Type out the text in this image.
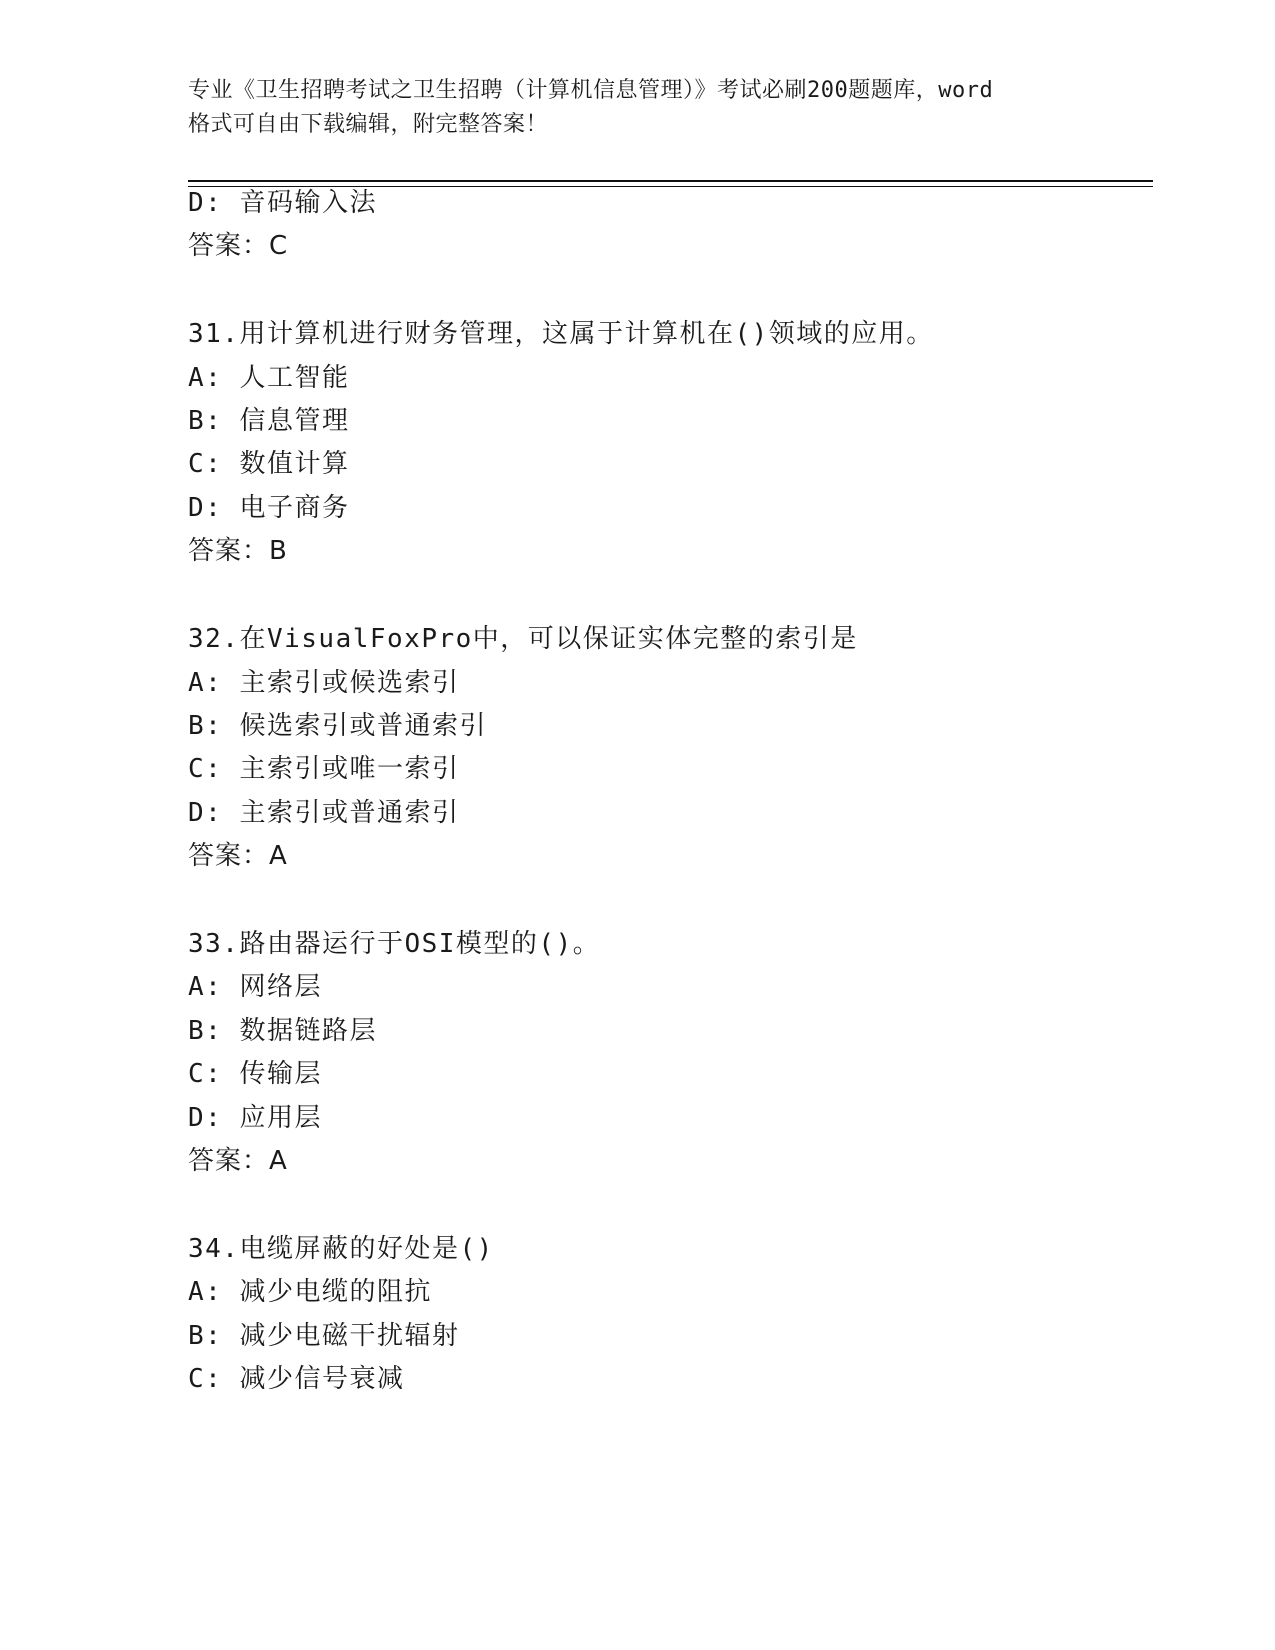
专业《卫生招聘考试之卫生招聘（计算机信息管理）》考试必刷200题题库，word
格式可自由下载编辑，附完整答案！
D: 音码输入法
答案：C
31.用计算机进行财务管理，这属于计算机在()领域的应用。
A: 人工智能
B: 信息管理
C: 数值计算
D: 电子商务
答案：B
32.在VisualFoxPro中，可以保证实体完整的索引是
A: 主索引或候选索引
B: 候选索引或普通索引
C: 主索引或唯一索引
D: 主索引或普通索引
答案：A
33.路由器运行于OSI模型的()。
A: 网络层
B: 数据链路层
C: 传输层
D: 应用层
答案：A
34.电缆屏蔽的好处是()
A: 减少电缆的阻抗
B: 减少电磁干扰辐射
C: 减少信号衰减
